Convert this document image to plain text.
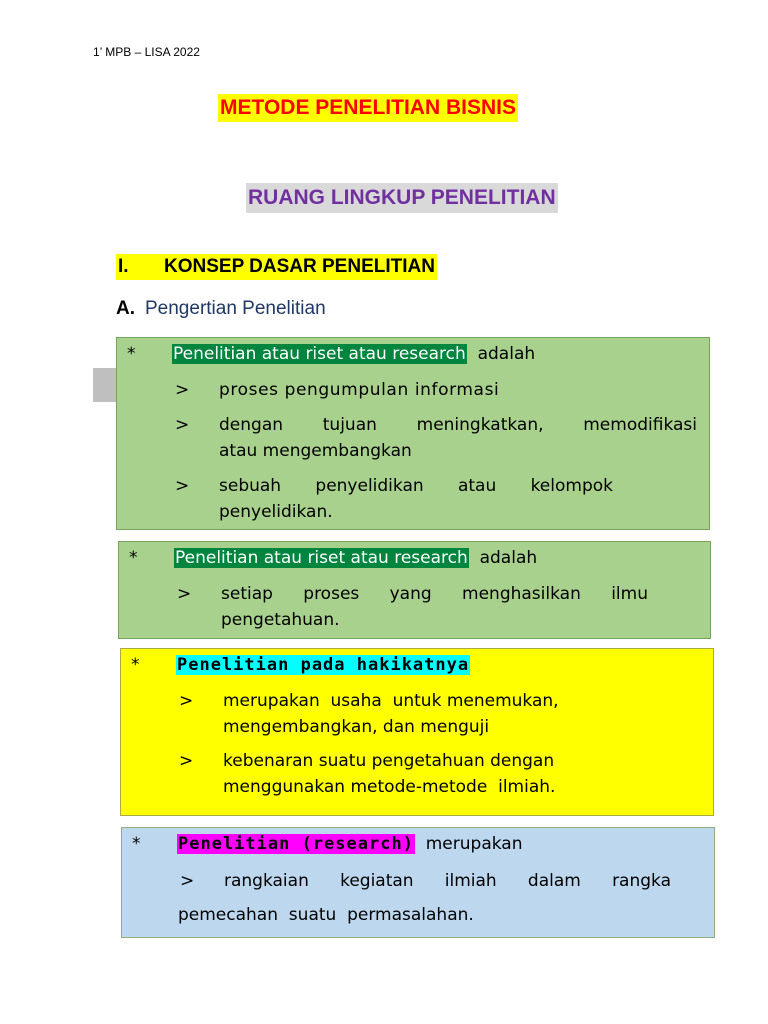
1’ MPB – LISA 2022
METODE PENELITIAN BISNIS
RUANG LINGKUP PENELITIAN
I. KONSEP DASAR PENELITIAN
A. Pengertian Penelitian
* Penelitian atau riset atau research adalah
> proses pengumpulan informasi
> dengan tujuan meningkatkan, memodifikasi
atau mengembangkan
> sebuah penyelidikan atau kelompok
penyelidikan.
* Penelitian atau riset atau research adalah
> setiap proses yang menghasilkan ilmu
pengetahuan.
* Penelitian pada hakikatnya
> merupakan  usaha  untuk menemukan,
mengembangkan, dan menguji
> kebenaran suatu pengetahuan dengan
menggunakan metode-metode  ilmiah.
* Penelitian (research) merupakan
> rangkaian kegiatan ilmiah dalam rangka
pemecahan  suatu  permasalahan.
